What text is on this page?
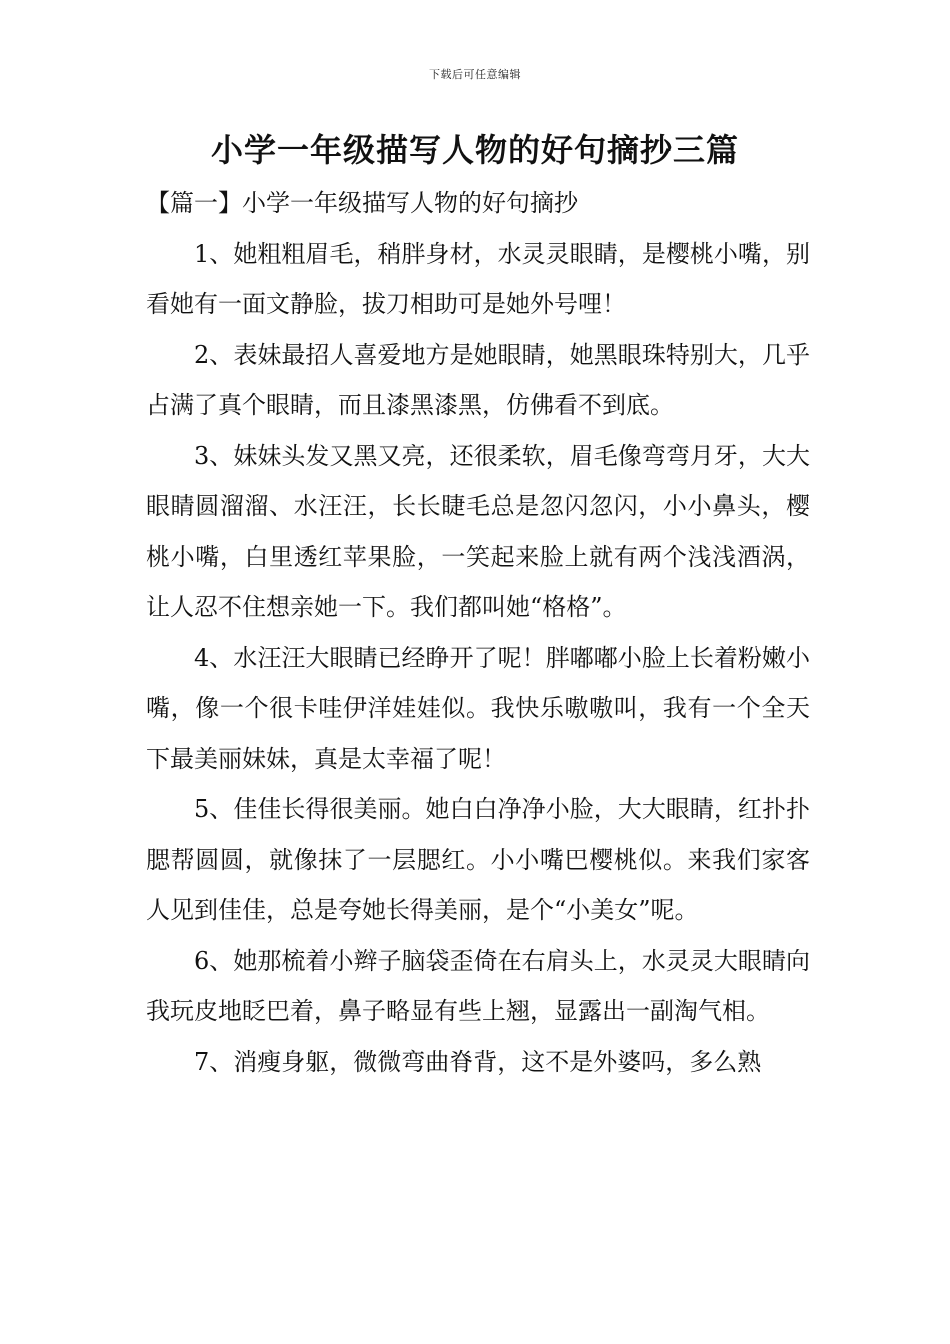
下载后可任意编辑
小学一年级描写人物的好句摘抄三篇

【篇一】小学一年级描写人物的好句摘抄

1、她粗粗眉毛，稍胖身材，水灵灵眼睛，是樱桃小嘴，别看她有一面文静脸，拔刀相助可是她外号哩！

2、表妹最招人喜爱地方是她眼睛，她黑眼珠特别大，几乎占满了真个眼睛，而且漆黑漆黑，仿佛看不到底。

3、妹妹头发又黑又亮，还很柔软，眉毛像弯弯月牙，大大眼睛圆溜溜、水汪汪，长长睫毛总是忽闪忽闪，小小鼻头，樱桃小嘴，白里透红苹果脸，一笑起来脸上就有两个浅浅酒涡，让人忍不住想亲她一下。我们都叫她“格格”。

4、水汪汪大眼睛已经睁开了呢！胖嘟嘟小脸上长着粉嫩小嘴，像一个很卡哇伊洋娃娃似。我快乐嗷嗷叫，我有一个全天下最美丽妹妹，真是太幸福了呢！

5、佳佳长得很美丽。她白白净净小脸，大大眼睛，红扑扑腮帮圆圆，就像抹了一层腮红。小小嘴巴樱桃似。来我们家客人见到佳佳，总是夸她长得美丽，是个“小美女”呢。

6、她那梳着小辫子脑袋歪倚在右肩头上，水灵灵大眼睛向我玩皮地眨巴着，鼻子略显有些上翘，显露出一副淘气相。

7、消瘦身躯，微微弯曲脊背，这不是外婆吗，多么熟
